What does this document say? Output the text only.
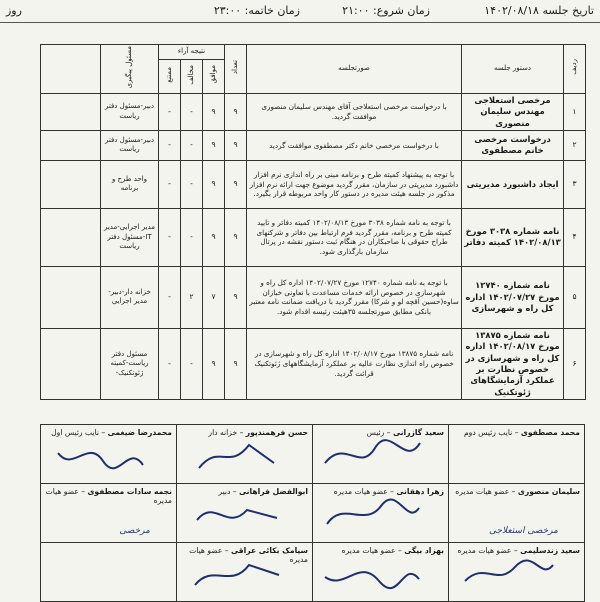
تاریخ جلسه ۱۴۰۲/۰۸/۱۸
زمان شروع: ۲۱:۰۰
زمان خاتمه: ۲۳:۰۰
روز
ردیف	دستور جلسه	صورتجلسه	تعداد	نتیجه آراء			مسئول پیگیری	
				موافق	مخالف	ممتنع		
۱	مرخصی استعلاجی مهندس سلیمان منصوری	با درخواست مرخصی استعلاجی آقای مهندس سلیمان منصوری موافقت گردید.	۹	۹	-	-	دبیر-مسئول دفتر ریاست	
۲	درخواست مرخصی خانم مصطفوی	با درخواست مرخصی خانم دکتر مصطفوی موافقت گردید	۹	۹	-	-	دبیر-مسئول دفتر ریاست	
۳	ایجاد داشبورد مدیریتی	با توجه به پیشنهاد کمیته طرح و برنامه مبنی بر راه اندازی نرم افزار داشبورد مدیریتی در سازمان، مقرر گردید موضوع جهت ارائه نرم افزار مذکور در جلسه هیئت مدیره در دستور کار واحد مربوطه قرار بگیرد.	۹	۹	-	-	واحد طرح و برنامه	
۴	نامه شماره ۳۰۳۸ مورخ ۱۴۰۲/۰۸/۱۳ کمیته دفاتر	با توجه به نامه شماره ۳۰۳۸ مورخ ۱۴۰۲/۰۸/۱۳ کمیته دفاتر و تایید کمیته طرح و برنامه، مقرر گردید فرم ارتباط بین دفاتر و شرکتهای طراح حقوقی با صاحبکاران در هنگام ثبت دستور نقشه در پرتال سازمان بارگذاری شود.	۹	۹	-	-	مدیر اجرایی-مدیر IT-مسئول دفتر ریاست	
۵	نامه شماره ۱۲۷۴۰ مورخ ۱۴۰۲/۰۷/۲۷ اداره کل راه و شهرسازی	با توجه به نامه شماره ۱۲۷۴۰ مورخ ۱۴۰۲/۰۷/۲۷ اداره کل راه و شهرسازی در خصوص ارائه خدمات مساعدت با تعاونی خبازان ساوه(حسین آقچه لو و شرکا) مقرر گردید با دریافت ضمانت نامه معتبر بانکی مطابق صورتجلسه ۳۵هیئت رئیسه اقدام شود.	۹	۷	۲	-	خزانه دار-دبیر-مدیر اجرایی	
۶	نامه شماره ۱۳۸۷۵ مورخ ۱۴۰۲/۰۸/۱۷ اداره کل راه و شهرسازی در خصوص نظارت بر عملکرد آزمایشگاهای ژئوتکنیک	نامه شماره ۱۳۸۷۵ مورخ ۱۴۰۲/۰۸/۱۷ اداره کل راه و شهرسازی در خصوص راه اندازی نظارت عالیه بر عملکرد آزمایشگاههای ژئوتکنیک قرائت گردید.	۹	۹	-	-	مسئول دفتر ریاست-کمیته ژئوتکنیک-	
محمد مصطفوی – نایب رئیس دوم	سعید گازرانی – رئیس	حسن فرهمندپور – خزانه دار	محمدرضا ضیغمی – نایب رئیس اول

سلیمان منصوری – عضو هیات مدیره
مرخصی استعلاجی	زهرا دهقانی – عضو هیات مدیره	ابوالفضل فراهانی – دبیر	نجمه سادات مصطفوی – عضو هیات مدیره
مرخصی

سعید زندسلیمی – عضو هیات مدیره	بهزاد بیگی – عضو هیات مدیره	سیامک بکائی عراقی – عضو هیات مدیره
